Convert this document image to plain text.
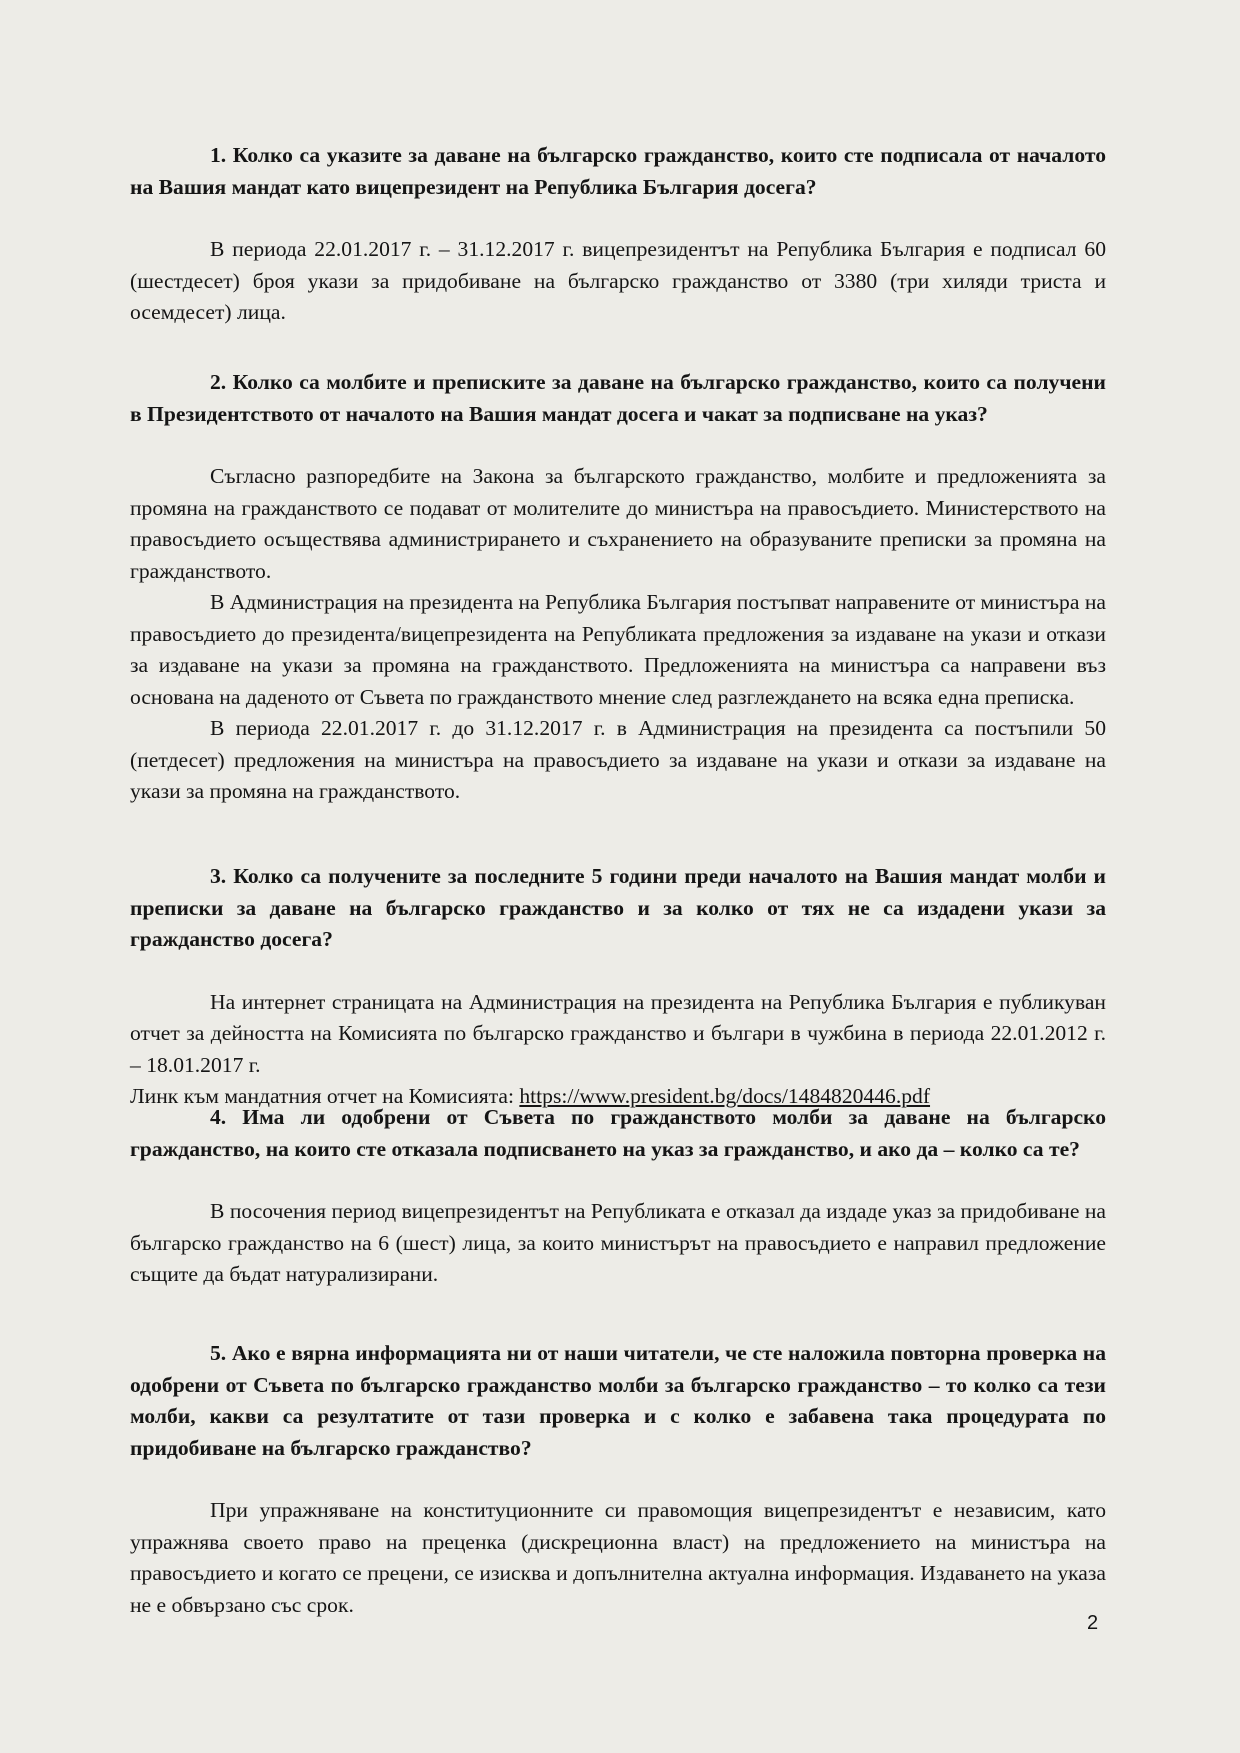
1. Колко са указите за даване на българско гражданство, които сте подписала от началото на Вашия мандат като вицепрезидент на Република България досега?

В периода 22.01.2017 г. – 31.12.2017 г. вицепрезидентът на Република България е подписал 60 (шестдесет) броя укази за придобиване на българско гражданство от 3380 (три хиляди триста и осемдесет) лица.

2. Колко са молбите и преписките за даване на българско гражданство, които са получени в Президентството от началото на Вашия мандат досега и чакат за подписване на указ?

Съгласно разпоредбите на Закона за българското гражданство, молбите и предложенията за промяна на гражданството се подават от молителите до министъра на правосъдието. Министерството на правосъдието осъществява администрирането и съхранението на образуваните преписки за промяна на гражданството.

В Администрация на президента на Република България постъпват направените от министъра на правосъдието до президента/вицепрезидента на Републиката предложения за издаване на укази и откази за издаване на укази за промяна на гражданството. Предложенията на министъра са направени въз основана на даденото от Съвета по гражданството мнение след разглеждането на всяка една преписка.

В периода 22.01.2017 г. до 31.12.2017 г. в Администрация на президента са постъпили 50 (петдесет) предложения на министъра на правосъдието за издаване на укази и откази за издаване на укази за промяна на гражданството.

3. Колко са получените за последните 5 години преди началото на Вашия мандат молби и преписки за даване на българско гражданство и за колко от тях не са издадени укази за гражданство досега?

На интернет страницата на Администрация на президента на Република България е публикуван отчет за дейността на Комисията по българско гражданство и българи в чужбина в периода 22.01.2012 г. – 18.01.2017 г.

Линк към мандатния отчет на Комисията: https://www.president.bg/docs/1484820446.pdf

4. Има ли одобрени от Съвета по гражданството молби за даване на българско гражданство, на които сте отказала подписването на указ за гражданство, и ако да – колко са те?

В посочения период вицепрезидентът на Републиката е отказал да издаде указ за придобиване на българско гражданство на 6 (шест) лица, за които министърът на правосъдието е направил предложение същите да бъдат натурализирани.

5. Ако е вярна информацията ни от наши читатели, че сте наложила повторна проверка на одобрени от Съвета по българско гражданство молби за българско гражданство – то колко са тези молби, какви са резултатите от тази проверка и с колко е забавена така процедурата по придобиване на българско гражданство?

При упражняване на конституционните си правомощия вицепрезидентът е независим, като упражнява своето право на преценка (дискреционна власт) на предложението на министъра на правосъдието и когато се прецени, се изисква и допълнителна актуална информация. Издаването на указа не е обвързано със срок.

2
